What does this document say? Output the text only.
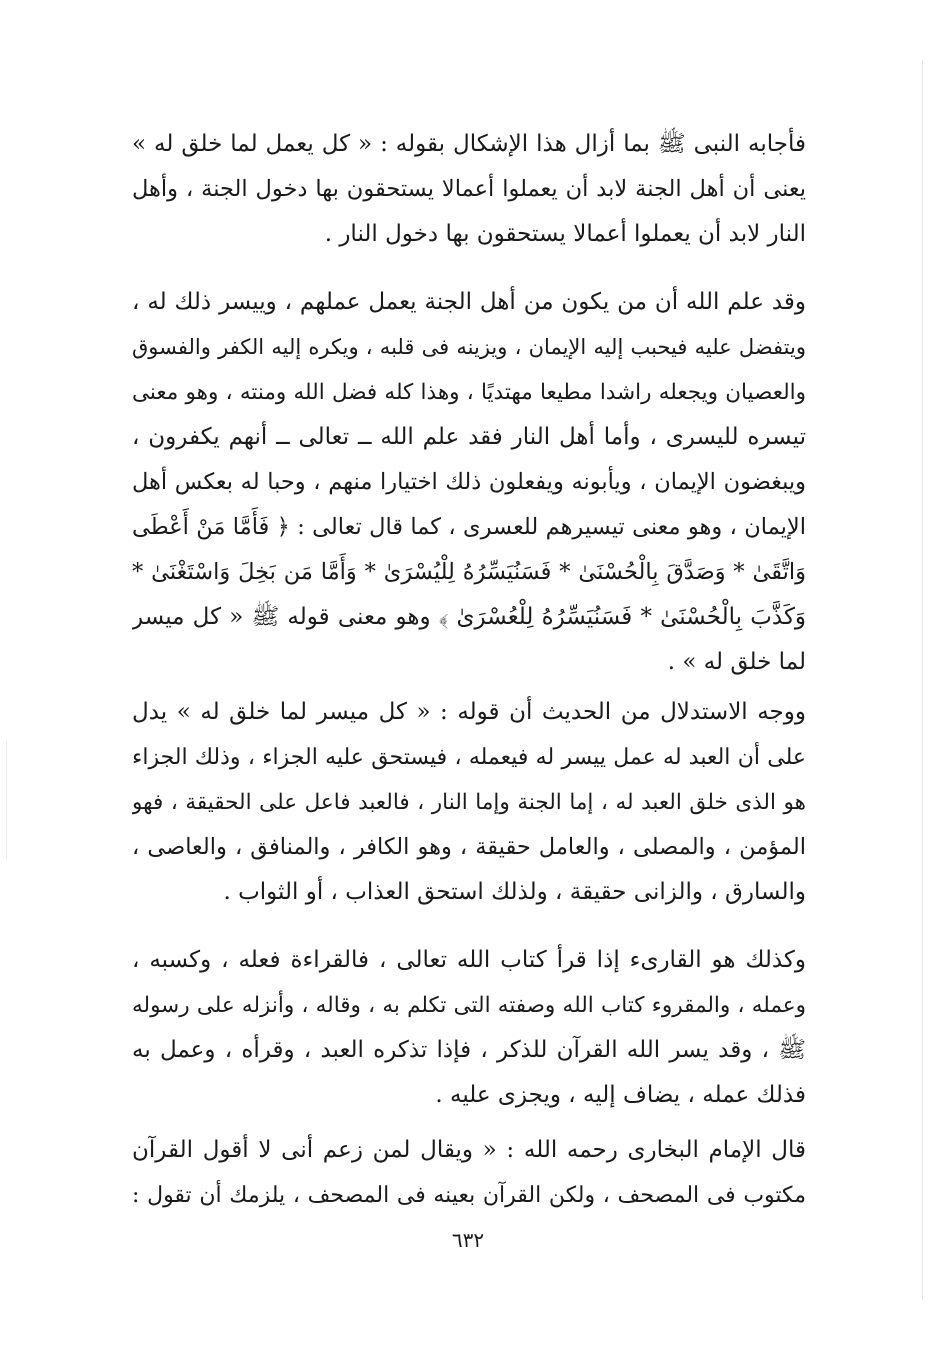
فأجابه النبى ﷺ بما أزال هذا الإشكال بقوله : « كل يعمل لما خلق له »
يعنى أن أهل الجنة لابد أن يعملوا أعمالا يستحقون بها دخول الجنة ، وأهل
النار لابد أن يعملوا أعمالا يستحقون بها دخول النار .
وقد علم الله أن من يكون من أهل الجنة يعمل عملهم ، وييسر ذلك له ،
ويتفضل عليه فيحبب إليه الإيمان ، ويزينه فى قلبه ، ويكره إليه الكفر والفسوق
والعصيان ويجعله راشدا مطيعا مهتديًا ، وهذا كله فضل الله ومنته ، وهو معنى
تيسره لليسرى ، وأما أهل النار فقد علم الله ــ تعالى ــ أنهم يكفرون ،
ويبغضون الإيمان ، ويأبونه ويفعلون ذلك اختيارا منهم ، وحبا له بعكس أهل
الإيمان ، وهو معنى تيسيرهم للعسرى ، كما قال تعالى : ﴿ فَأَمَّا مَنْ أَعْطَى
وَاتَّقَىٰ * وَصَدَّقَ بِالْحُسْنَىٰ * فَسَنُيَسِّرُهُ لِلْيُسْرَىٰ * وَأَمَّا مَن بَخِلَ وَاسْتَغْنَىٰ *
وَكَذَّبَ بِالْحُسْنَىٰ * فَسَنُيَسِّرُهُ لِلْعُسْرَىٰ ﴾ وهو معنى قوله ﷺ « كل ميسر
لما خلق له » .
ووجه الاستدلال من الحديث أن قوله : « كل ميسر لما خلق له » يدل
على أن العبد له عمل ييسر له فيعمله ، فيستحق عليه الجزاء ، وذلك الجزاء
هو الذى خلق العبد له ، إما الجنة وإما النار ، فالعبد فاعل على الحقيقة ، فهو
المؤمن ، والمصلى ، والعامل حقيقة ، وهو الكافر ، والمنافق ، والعاصى ،
والسارق ، والزانى حقيقة ، ولذلك استحق العذاب ، أو الثواب .
وكذلك هو القارىء إذا قرأ كتاب الله تعالى ، فالقراءة فعله ، وكسبه ،
وعمله ، والمقروء كتاب الله وصفته التى تكلم به ، وقاله ، وأنزله على رسوله
ﷺ ، وقد يسر الله القرآن للذكر ، فإذا تذكره العبد ، وقرأه ، وعمل به
فذلك عمله ، يضاف إليه ، ويجزى عليه .
قال الإمام البخارى رحمه الله : « ويقال لمن زعم أنى لا أقول القرآن
مكتوب فى المصحف ، ولكن القرآن بعينه فى المصحف ، يلزمك أن تقول :
٦٣٢
